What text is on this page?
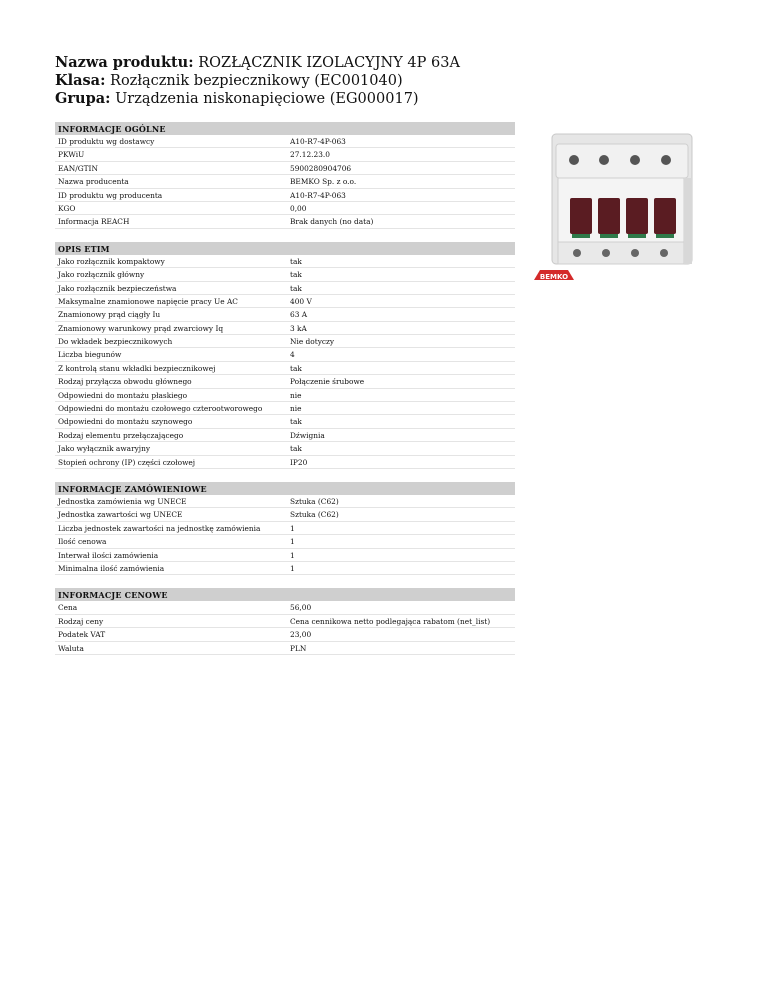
Nazwa produktu: ROZŁĄCZNIK IZOLACYJNY 4P 63A
Klasa: Rozłącznik bezpiecznikowy (EC001040)
Grupa: Urządzenia niskonapięciowe (EG000017)
INFORMACJE OGÓLNE
ID produktu wg dostawcy	A10-R7-4P-063
PKWiU	27.12.23.0
EAN/GTIN	5900280904706
Nazwa producenta	BEMKO Sp. z o.o.
ID produktu wg producenta	A10-R7-4P-063
KGO	0,00
Informacja REACH	Brak danych (no data)
OPIS ETIM
Jako rozłącznik kompaktowy	tak
Jako rozłącznik główny	tak
Jako rozłącznik bezpieczeństwa	tak
Maksymalne znamionowe napięcie pracy Ue AC	400 V
Znamionowy prąd ciągły Iu	63 A
Znamionowy warunkowy prąd zwarciowy Iq	3 kA
Do wkładek bezpiecznikowych	Nie dotyczy
Liczba biegunów	4
Z kontrolą stanu wkładki bezpiecznikowej	tak
Rodzaj przyłącza obwodu głównego	Połączenie śrubowe
Odpowiedni do montażu płaskiego	nie
Odpowiedni do montażu czołowego czterootworowego	nie
Odpowiedni do montażu szynowego	tak
Rodzaj elementu przełączającego	Dźwignia
Jako wyłącznik awaryjny	tak
Stopień ochrony (IP) części czołowej	IP20
INFORMACJE ZAMÓWIENIOWE
Jednostka zamówienia wg UNECE	Sztuka (C62)
Jednostka zawartości wg UNECE	Sztuka (C62)
Liczba jednostek zawartości na jednostkę zamówienia	1
Ilość cenowa	1
Interwał ilości zamówienia	1
Minimalna ilość zamówienia	1
INFORMACJE CENOWE
Cena	56,00
Rodzaj ceny	Cena cennikowa netto podlegająca rabatom (net_list)
Podatek VAT	23,00
Waluta	PLN
BEMKO
